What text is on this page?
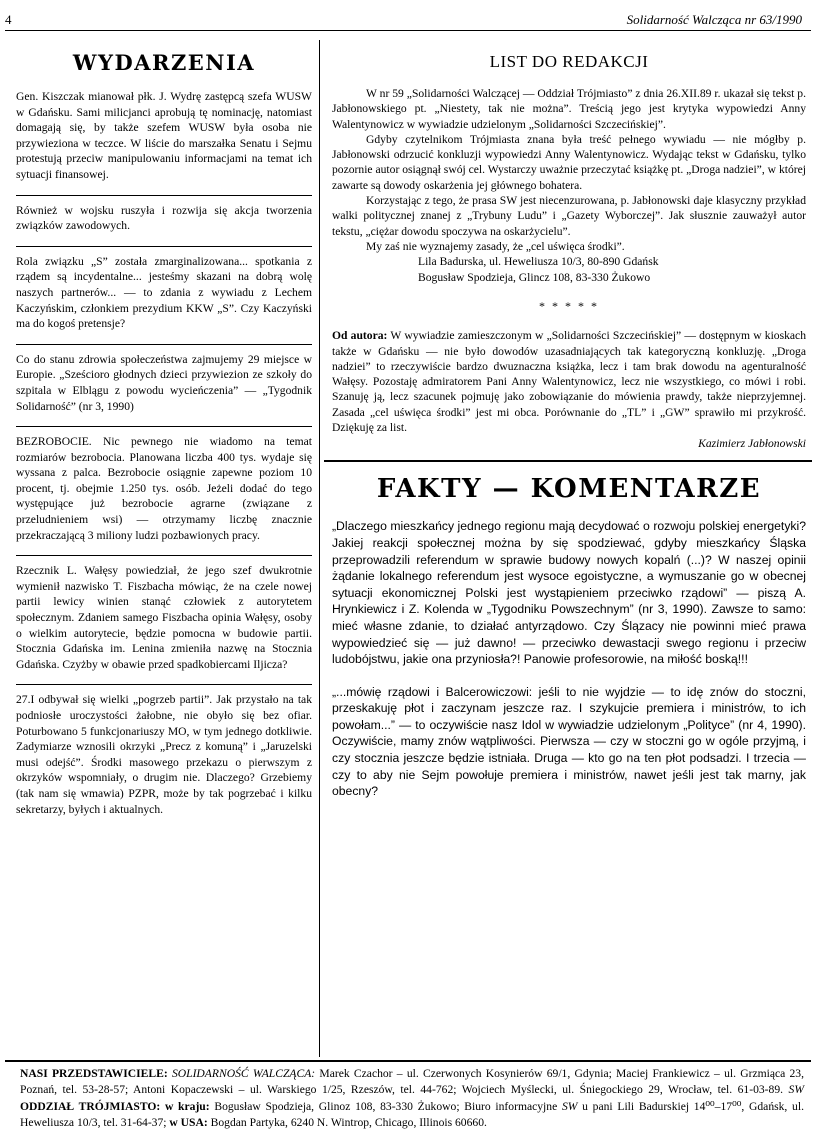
4	Solidarność Walcząca nr 63/1990
WYDARZENIA

Gen. Kiszczak mianował płk. J. Wydrę zastępcą szefa WUSW w Gdańsku. Sami milicjanci aprobują tę nominację, natomiast domagają się, by także szefem WUSW była osoba nie przywieziona w teczce. W liście do marszałka Senatu i Sejmu protestują przeciw manipulowaniu informacjami na temat ich sytuacji finansowej.

Również w wojsku ruszyła i rozwija się akcja tworzenia związków zawodowych.

Rola związku „S” została zmarginalizowana... spotkania z rządem są incydentalne... jesteśmy skazani na dobrą wolę naszych partnerów... — to zdania z wywiadu z Lechem Kaczyńskim, członkiem prezydium KKW „S”. Czy Kaczyński ma do kogoś pretensje?

Co do stanu zdrowia społeczeństwa zajmujemy 29 miejsce w Europie. „Sześcioro głodnych dzieci przywiezion ze szkoły do szpitala w Elblągu z powodu wycieńczenia” — „Tygodnik Solidarność” (nr 3, 1990)

BEZROBOCIE. Nic pewnego nie wiadomo na temat rozmiarów bezrobocia. Planowana liczba 400 tys. wydaje się wyssana z palca. Bezrobocie osiągnie zapewne poziom 10 procent, tj. obejmie 1.250 tys. osób. Jeżeli dodać do tego występujące już bezrobocie agrarne (związane z przeludnieniem wsi) — otrzymamy liczbę znacznie przekraczającą 3 miliony ludzi pozbawionych pracy.

Rzecznik L. Wałęsy powiedział, że jego szef dwukrotnie wymienił nazwisko T. Fiszbacha mówiąc, że na czele nowej partii lewicy winien stanąć człowiek z autorytetem społecznym. Zdaniem samego Fiszbacha opinia Wałęsy, osoby o wielkim autorytecie, będzie pomocna w budowie partii. Stocznia Gdańska im. Lenina zmieniła nazwę na Stocznia Gdańska. Czyżby w obawie przed spadkobiercami Iljicza?

27.I odbywał się wielki „pogrzeb partii”. Jak przystało na tak podniosłe uroczystości żałobne, nie obyło się bez ofiar. Poturbowano 5 funkcjonariuszy MO, w tym jednego dotkliwie. Zadymiarze wznosili okrzyki „Precz z komuną” i „Jaruzelski musi odejść”. Środki masowego przekazu o pierwszym z okrzyków wspomniały, o drugim nie. Dlaczego? Grzebiemy (tak nam się wmawia) PZPR, może by tak pogrzebać i kilku sekretarzy, byłych i aktualnych.

LIST DO REDAKCJI

W nr 59 „Solidarności Walczącej — Oddział Trójmiasto” z dnia 26.XII.89 r. ukazał się tekst p. Jabłonowskiego pt. „Niestety, tak nie można”. Treścią jego jest krytyka wypowiedzi Anny Walentynowicz w wywiadzie udzielonym „Solidarności Szczecińskiej”.

Gdyby czytelnikom Trójmiasta znana była treść pełnego wywiadu — nie mógłby p. Jabłonowski odrzucić konkluzji wypowiedzi Anny Walentynowicz. Wydając tekst w Gdańsku, tylko pozornie autor osiągnął swój cel. Wystarczy uważnie przeczytać książkę pt. „Droga nadziei”, w której zawarte są dowody oskarżenia jej głównego bohatera.

Korzystając z tego, że prasa SW jest niecenzurowana, p. Jabłonowski daje klasyczny przykład walki politycznej znanej z „Trybuny Ludu” i „Gazety Wyborczej”. Jak słusznie zauważył autor tekstu, „ciężar dowodu spoczywa na oskarżycielu”.

My zaś nie wyznajemy zasady, że „cel uświęca środki”.

Lila Badurska, ul. Heweliusza 10/3, 80-890 Gdańsk

Bogusław Spodzieja, Glincz 108, 83-330 Żukowo

* * * * *

Od autora: W wywiadzie zamieszczonym w „Solidarności Szczecińskiej” — dostępnym w kioskach także w Gdańsku — nie było dowodów uzasadniających tak kategoryczną konkluzję. „Droga nadziei” to rzeczywiście bardzo dwuznaczna książka, lecz i tam brak dowodu na agenturalność Wałęsy. Pozostaję admiratorem Pani Anny Walentynowicz, lecz nie wszystkiego, co mówi i robi. Szanuję ją, lecz szacunek pojmuję jako zobowiązanie do mówienia prawdy, także nieprzyjemnej. Zasada „cel uświęca środki” jest mi obca. Porównanie do „TL” i „GW” sprawiło mi przykrość. Dziękuję za list.

Kazimierz Jabłonowski

FAKTY — KOMENTARZE

„Dlaczego mieszkańcy jednego regionu mają decydować o rozwoju polskiej energetyki? Jakiej reakcji społecznej można by się spodziewać, gdyby mieszkańcy Śląska przeprowadzili referendum w sprawie budowy nowych kopalń (...)? W naszej opinii żądanie lokalnego referendum jest wysoce egoistyczne, a wymuszanie go w obecnej sytuacji ekonomicznej Polski jest wystąpieniem przeciwko rządowi” — piszą A. Hrynkiewicz i Z. Kolenda w „Tygodniku Powszechnym” (nr 3, 1990). Zawsze to samo: mieć własne zdanie, to działać antyrządowo. Czy Ślązacy nie powinni mieć prawa wypowiedzieć się — już dawno! — przeciwko dewastacji swego regionu i przeciw ludobójstwu, jakie ona przyniosła?! Panowie profesorowie, na miłość boską!!!

„...mówię rządowi i Balcerowiczowi: jeśli to nie wyjdzie — to idę znów do stoczni, przeskakuję płot i zaczynam jeszcze raz. I szykujcie premiera i ministrów, to ich powołam...” — to oczywiście nasz Idol w wywiadzie udzielonym „Polityce” (nr 4, 1990). Oczywiście, mamy znów wątpliwości. Pierwsza — czy w stoczni go w ogóle przyjmą, i czy stocznia jeszcze będzie istniała. Druga — kto go na ten płot podsadzi. I trzecia — czy to aby nie Sejm powołuje premiera i ministrów, nawet jeśli jest tak marny, jak obecny?

NASI PRZEDSTAWICIELE: SOLIDARNOŚĆ WALCZĄCA: Marek Czachor – ul. Czerwonych Kosynierów 69/1, Gdynia; Maciej Frankiewicz – ul. Grzmiąca 23, Poznań, tel. 53-28-57; Antoni Kopaczewski – ul. Warskiego 1/25, Rzeszów, tel. 44-762; Wojciech Myślecki, ul. Śniegockiego 29, Wrocław, tel. 61-03-89. SW ODDZIAŁ TRÓJMIASTO: w kraju: Bogusław Spodzieja, Glinoz 108, 83-330 Żukowo; Biuro informacyjne SW u pani Lili Badurskiej 14⁰⁰–17⁰⁰, Gdańsk, ul. Heweliusza 10/3, tel. 31-64-37; w USA: Bogdan Partyka, 6240 N. Wintrop, Chicago, Illinois 60660.
